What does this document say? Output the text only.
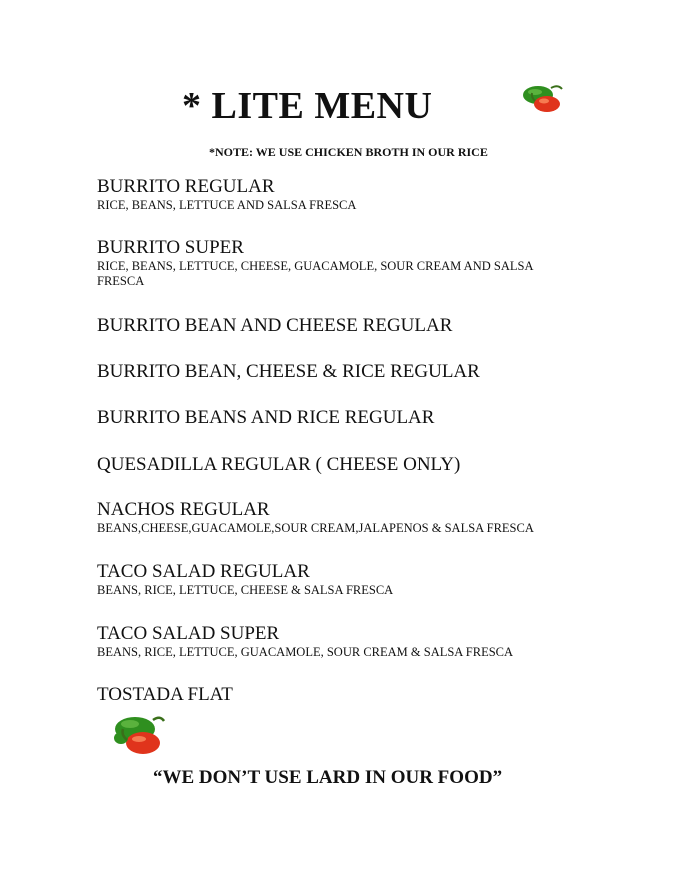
* LITE MENU
*NOTE: WE USE CHICKEN BROTH IN OUR RICE
BURRITO REGULAR
RICE, BEANS, LETTUCE AND SALSA FRESCA
BURRITO SUPER
RICE, BEANS, LETTUCE, CHEESE, GUACAMOLE, SOUR CREAM AND SALSA FRESCA
BURRITO BEAN AND CHEESE REGULAR
BURRITO BEAN, CHEESE & RICE REGULAR
BURRITO BEANS AND RICE REGULAR
QUESADILLA REGULAR ( CHEESE ONLY)
NACHOS REGULAR
BEANS,CHEESE,GUACAMOLE,SOUR CREAM,JALAPENOS & SALSA FRESCA
TACO SALAD REGULAR
BEANS, RICE, LETTUCE, CHEESE & SALSA FRESCA
TACO SALAD SUPER
BEANS, RICE, LETTUCE, GUACAMOLE, SOUR CREAM & SALSA FRESCA
TOSTADA FLAT
“WE DON’T USE LARD IN OUR FOOD”
